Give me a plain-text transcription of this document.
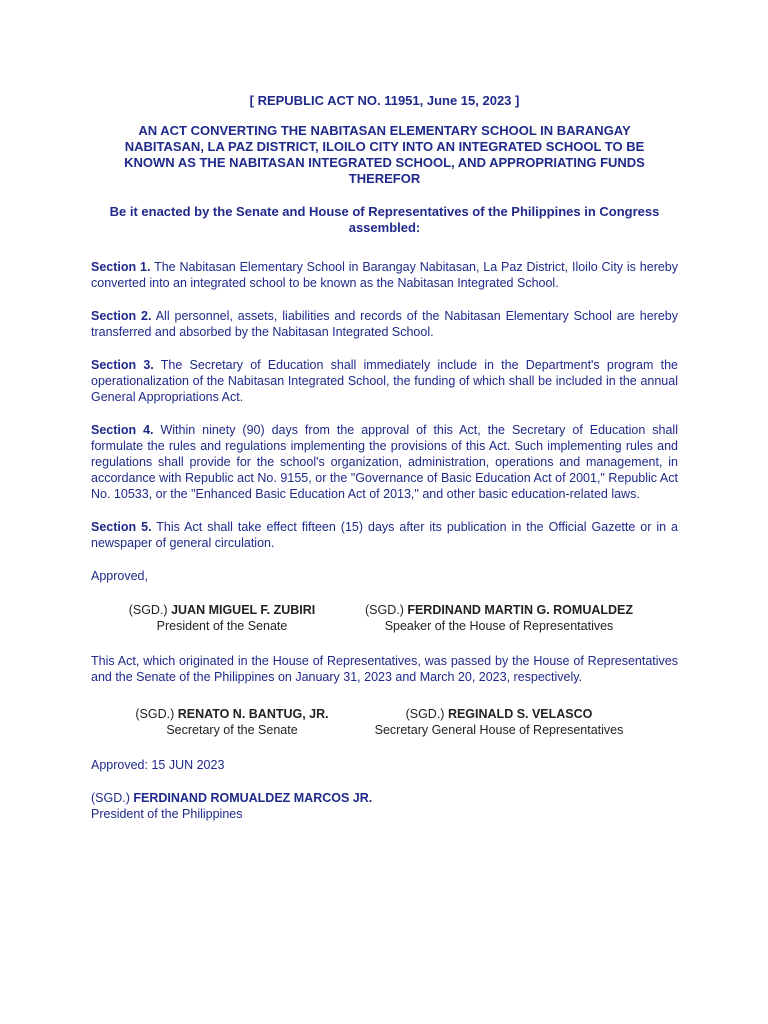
[ REPUBLIC ACT NO. 11951, June 15, 2023 ]
AN ACT CONVERTING THE NABITASAN ELEMENTARY SCHOOL IN BARANGAY NABITASAN, LA PAZ DISTRICT, ILOILO CITY INTO AN INTEGRATED SCHOOL TO BE KNOWN AS THE NABITASAN INTEGRATED SCHOOL, AND APPROPRIATING FUNDS THEREFOR
Be it enacted by the Senate and House of Representatives of the Philippines in Congress assembled:

Section 1. The Nabitasan Elementary School in Barangay Nabitasan, La Paz District, Iloilo City is hereby converted into an integrated school to be known as the Nabitasan Integrated School.

Section 2. All personnel, assets, liabilities and records of the Nabitasan Elementary School are hereby transferred and absorbed by the Nabitasan Integrated School.

Section 3. The Secretary of Education shall immediately include in the Department's program the operationalization of the Nabitasan Integrated School, the funding of which shall be included in the annual General Appropriations Act.

Section 4. Within ninety (90) days from the approval of this Act, the Secretary of Education shall formulate the rules and regulations implementing the provisions of this Act. Such implementing rules and regulations shall provide for the school's organization, administration, operations and management, in accordance with Republic act No. 9155, or the "Governance of Basic Education Act of 2001," Republic Act No. 10533, or the "Enhanced Basic Education Act of 2013," and other basic education-related laws.

Section 5. This Act shall take effect fifteen (15) days after its publication in the Official Gazette or in a newspaper of general circulation.

Approved,
(SGD.) JUAN MIGUEL F. ZUBIRI
President of the Senate
(SGD.) FERDINAND MARTIN G. ROMUALDEZ
Speaker of the House of Representatives

This Act, which originated in the House of Representatives, was passed by the House of Representatives and the Senate of the Philippines on January 31, 2023 and March 20, 2023, respectively.

(SGD.) RENATO N. BANTUG, JR.
Secretary of the Senate
(SGD.) REGINALD S. VELASCO
Secretary General House of Representatives
Approved: 15 JUN 2023
(SGD.) FERDINAND ROMUALDEZ MARCOS JR.
President of the Philippines
